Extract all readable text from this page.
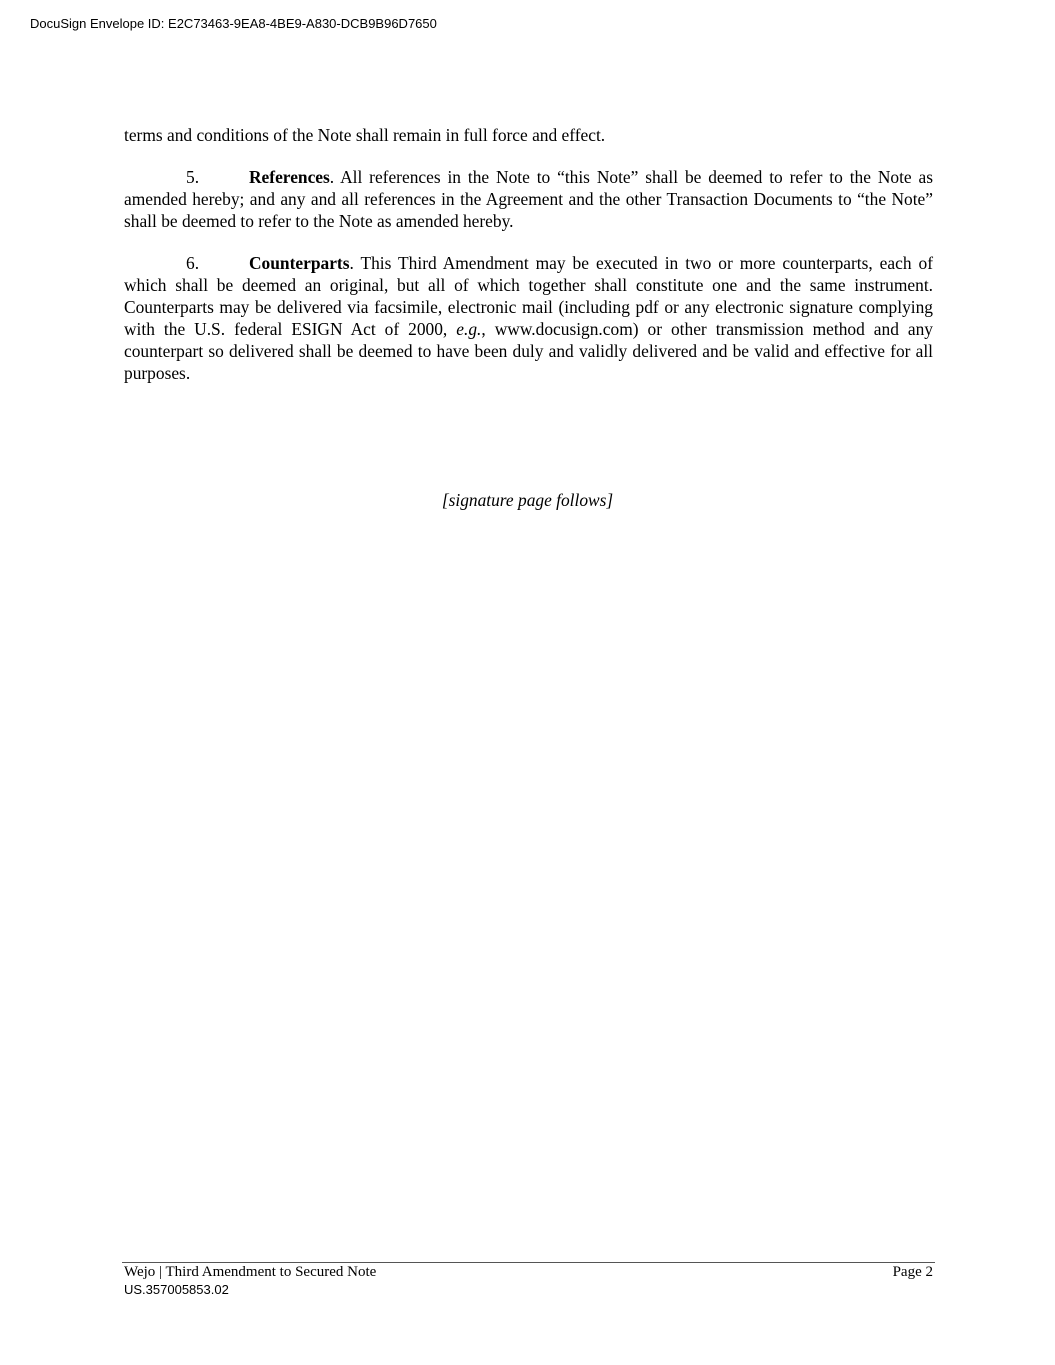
DocuSign Envelope ID: E2C73463-9EA8-4BE9-A830-DCB9B96D7650

terms and conditions of the Note shall remain in full force and effect.

5.	References. All references in the Note to “this Note” shall be deemed to refer to the Note as amended hereby; and any and all references in the Agreement and the other Transaction Documents to “the Note” shall be deemed to refer to the Note as amended hereby.

6.	Counterparts. This Third Amendment may be executed in two or more counterparts, each of which shall be deemed an original, but all of which together shall constitute one and the same instrument. Counterparts may be delivered via facsimile, electronic mail (including pdf or any electronic signature complying with the U.S. federal ESIGN Act of 2000, e.g., www.docusign.com) or other transmission method and any counterpart so delivered shall be deemed to have been duly and validly delivered and be valid and effective for all purposes.

[signature page follows]
Wejo | Third Amendment to Secured Note	Page 2
US.357005853.02
